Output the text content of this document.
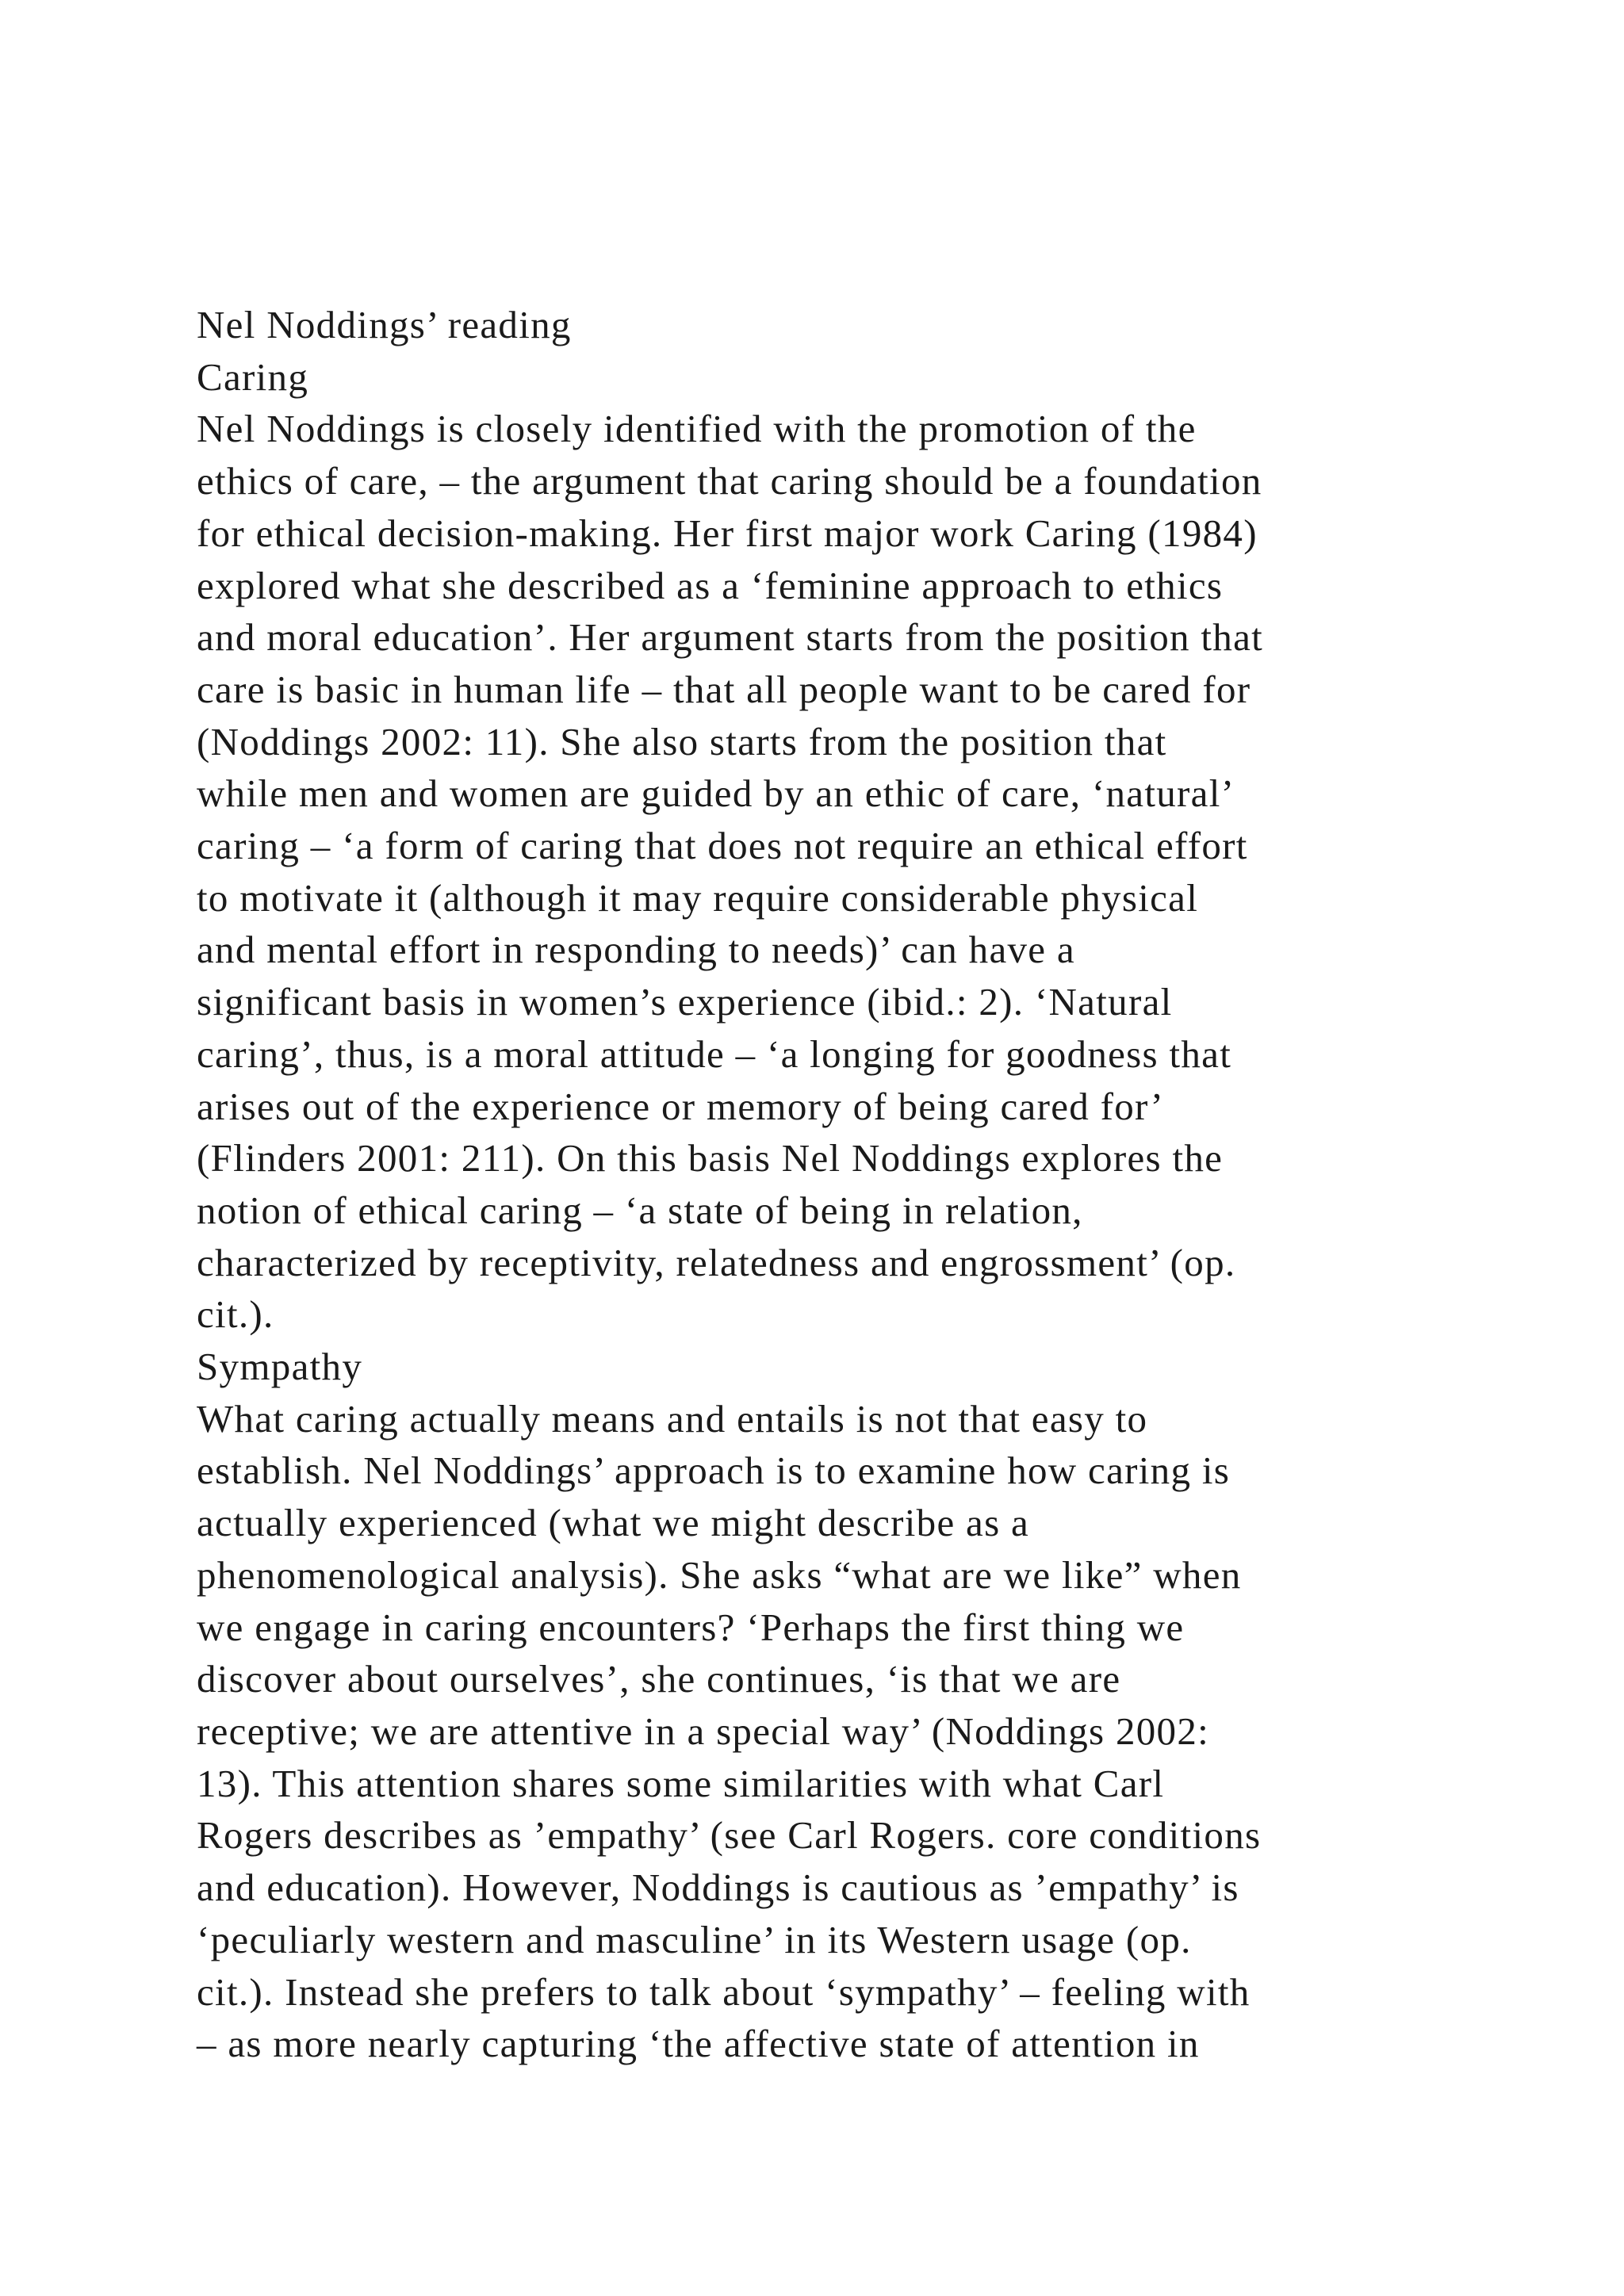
Nel Noddings’ reading
Caring
Nel Noddings is closely identified with the promotion of the
ethics of care, – the argument that caring should be a foundation
for ethical decision-making. Her first major work Caring (1984)
explored what she described as a ‘feminine approach to ethics
and moral education’. Her argument starts from the position that
care is basic in human life – that all people want to be cared for
(Noddings 2002: 11). She also starts from the position that
while men and women are guided by an ethic of care, ‘natural’
caring – ‘a form of caring that does not require an ethical effort
to motivate it (although it may require considerable physical
and mental effort in responding to needs)’ can have a
significant basis in women’s experience (ibid.: 2). ‘Natural
caring’, thus, is a moral attitude – ‘a longing for goodness that
arises out of the experience or memory of being cared for’
(Flinders 2001: 211). On this basis Nel Noddings explores the
notion of ethical caring – ‘a state of being in relation,
characterized by receptivity, relatedness and engrossment’ (op.
cit.).
Sympathy
What caring actually means and entails is not that easy to
establish. Nel Noddings’ approach is to examine how caring is
actually experienced (what we might describe as a
phenomenological analysis). She asks “what are we like” when
we engage in caring encounters? ‘Perhaps the first thing we
discover about ourselves’, she continues, ‘is that we are
receptive; we are attentive in a special way’ (Noddings 2002:
13). This attention shares some similarities with what Carl
Rogers describes as ’empathy’ (see Carl Rogers. core conditions
and education). However, Noddings is cautious as ’empathy’ is
‘peculiarly western and masculine’ in its Western usage (op.
cit.). Instead she prefers to talk about ‘sympathy’ – feeling with
– as more nearly capturing ‘the affective state of attention in
